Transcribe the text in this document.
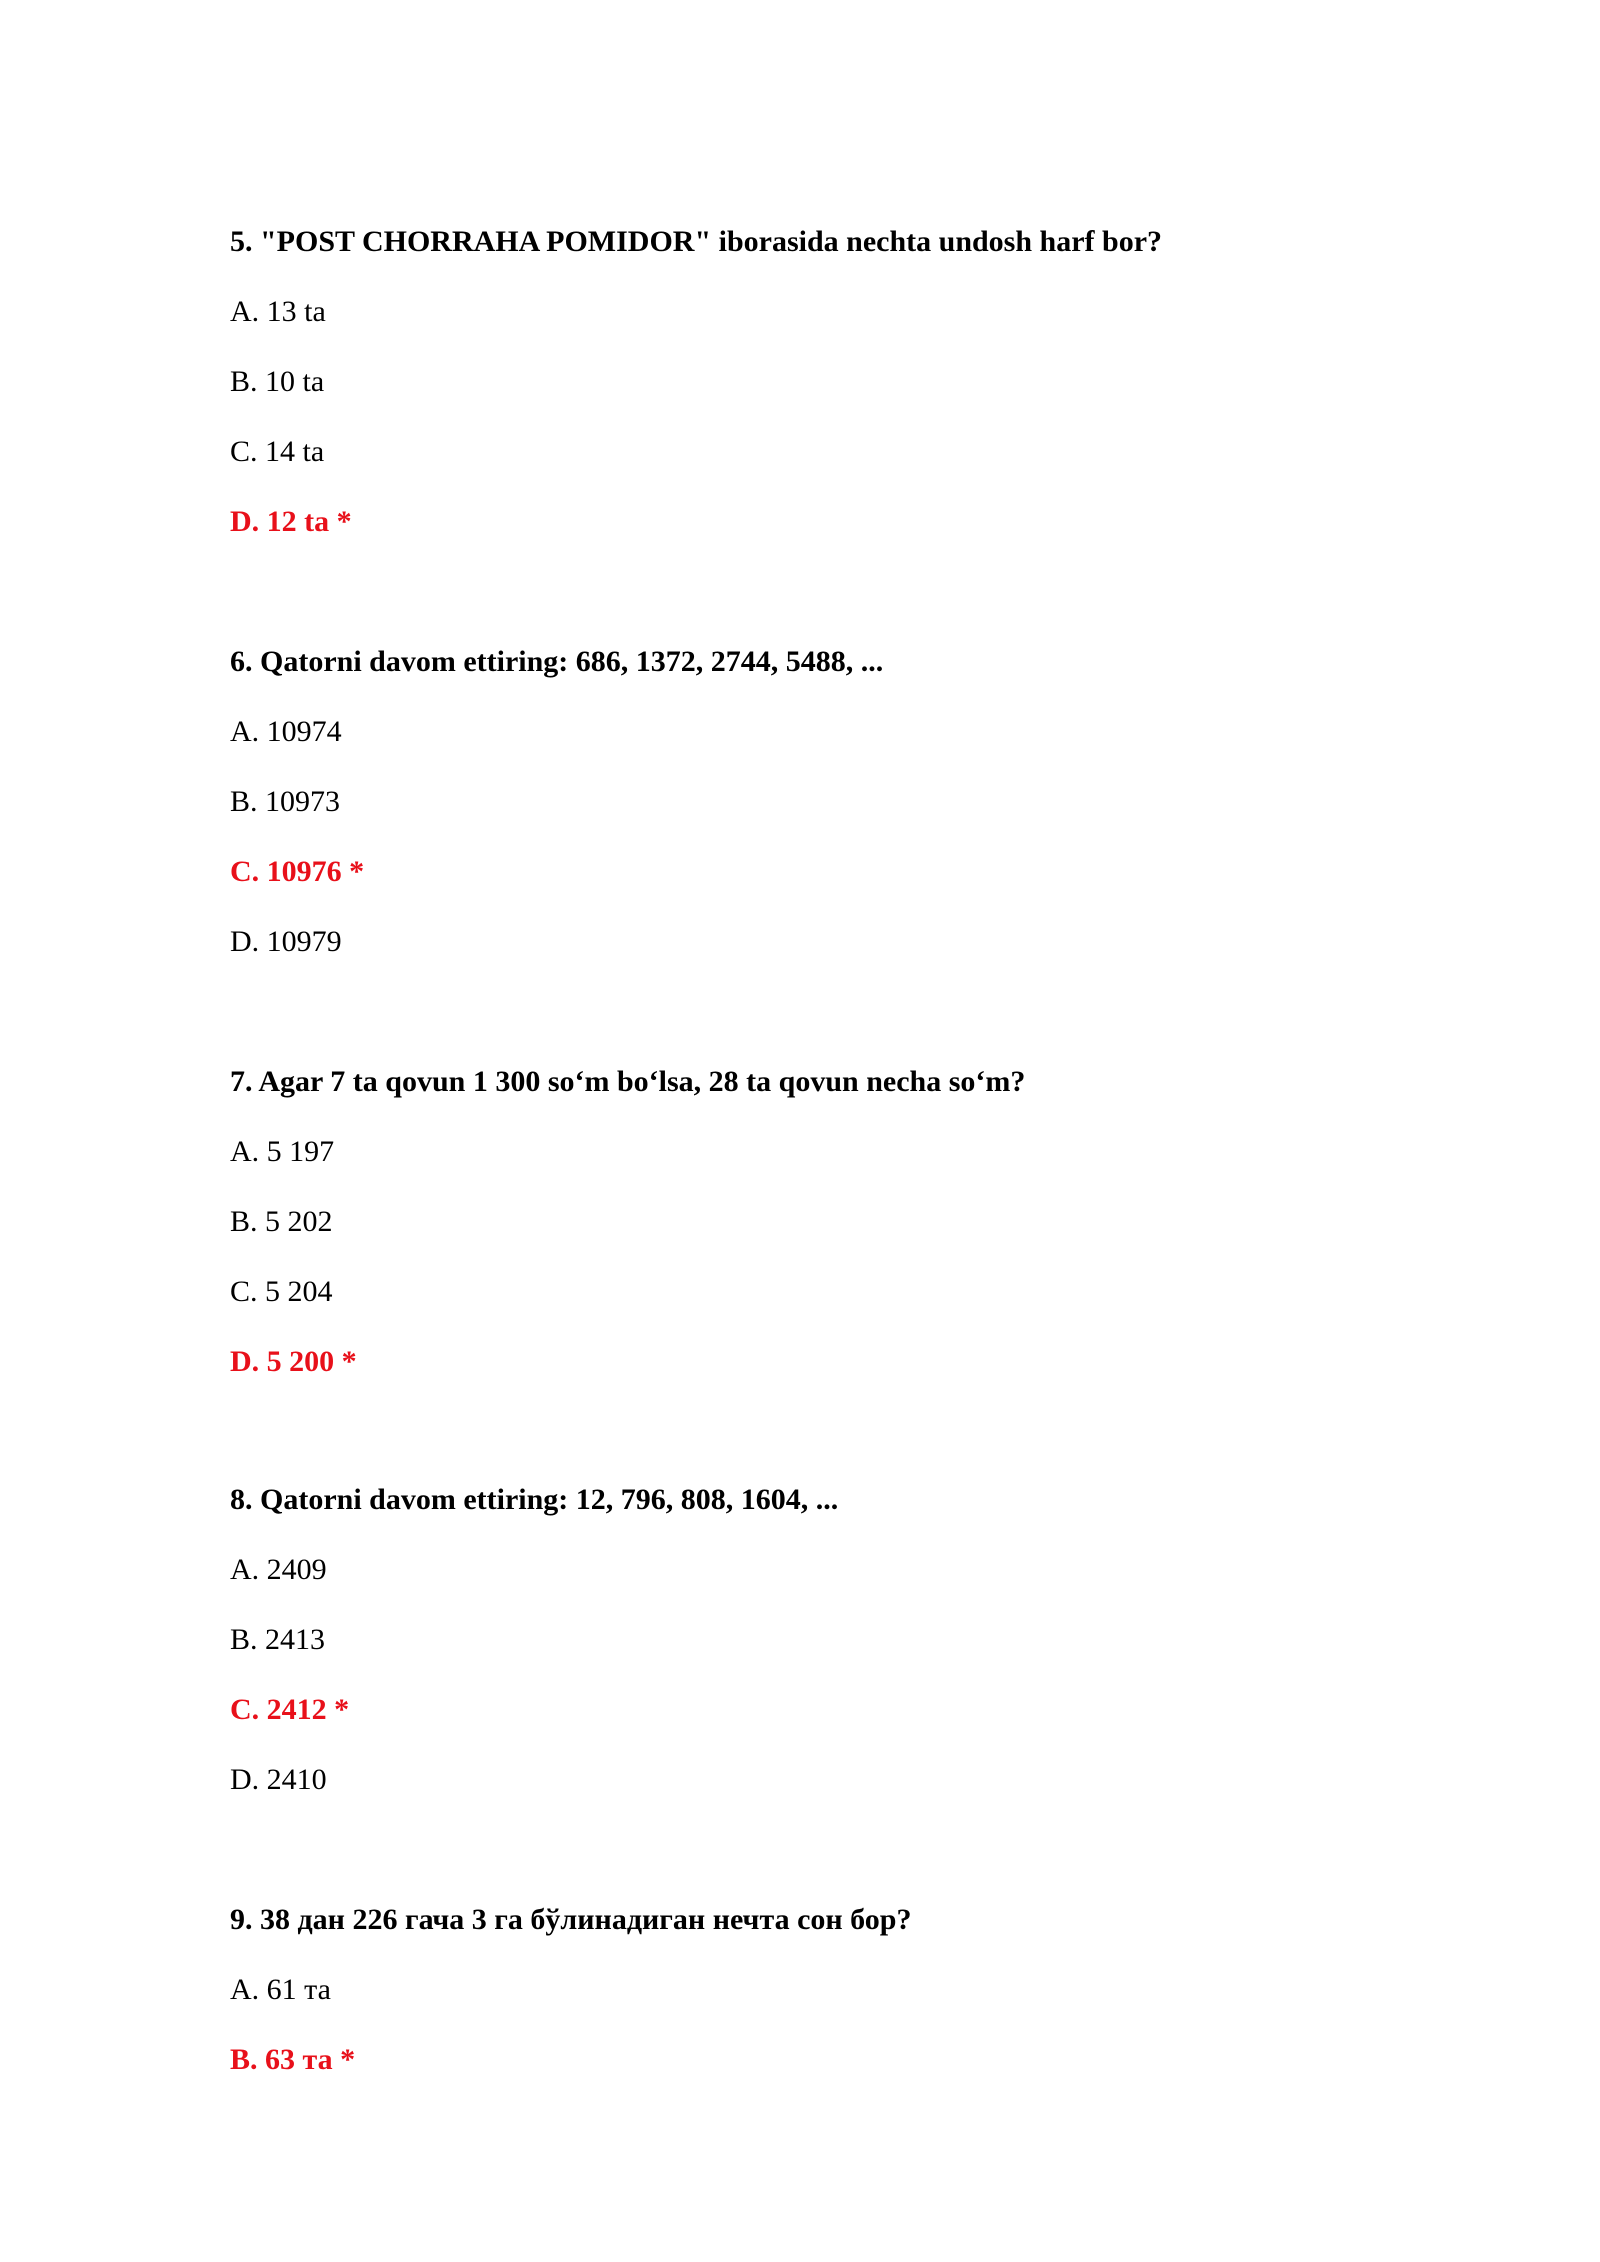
5. "POST CHORRAHA POMIDOR" iborasida nechta undosh harf bor?
A. 13 ta
B. 10 ta
C. 14 ta
D. 12 ta *
6. Qatorni davom ettiring: 686, 1372, 2744, 5488, ...
A. 10974
B. 10973
C. 10976 *
D. 10979
7. Agar 7 ta qovun 1 300 so‘m bo‘lsa, 28 ta qovun necha so‘m?
A. 5 197
B. 5 202
C. 5 204
D. 5 200 *
8. Qatorni davom ettiring: 12, 796, 808, 1604, ...
A. 2409
B. 2413
C. 2412 *
D. 2410
9. 38 дан 226 гача 3 га бўлинадиган нечта сон бор?
A. 61 та
B. 63 та *
